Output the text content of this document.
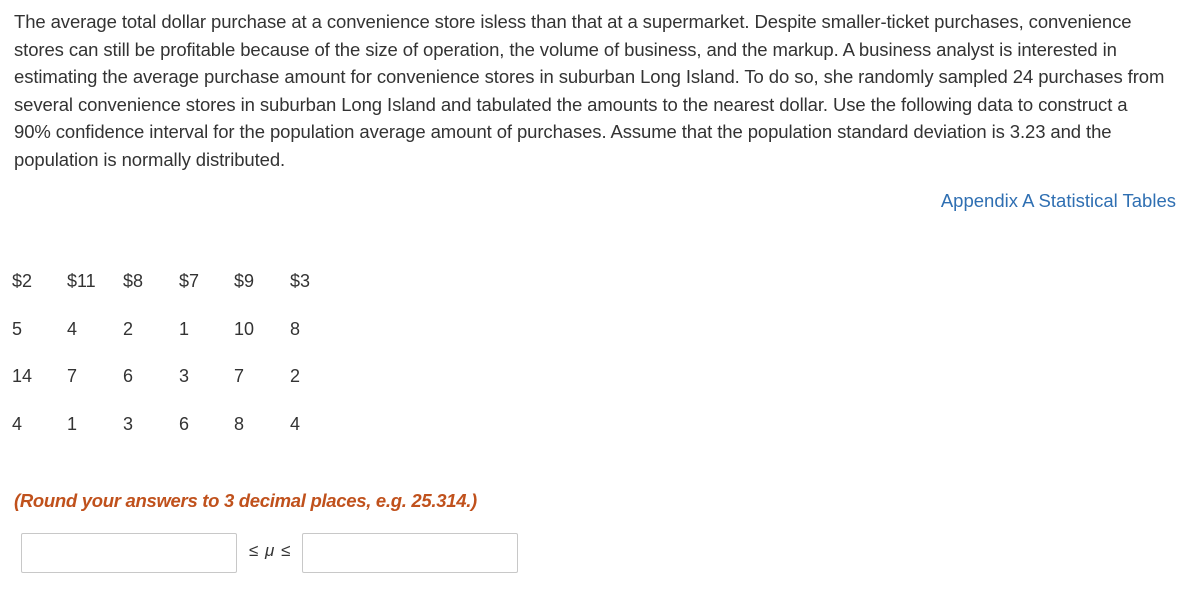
The average total dollar purchase at a convenience store isless than that at a supermarket. Despite smaller-ticket purchases, convenience stores can still be profitable because of the size of operation, the volume of business, and the markup. A business analyst is interested in estimating the average purchase amount for convenience stores in suburban Long Island. To do so, she randomly sampled 24 purchases from several convenience stores in suburban Long Island and tabulated the amounts to the nearest dollar. Use the following data to construct a 90% confidence interval for the population average amount of purchases. Assume that the population standard deviation is 3.23 and the population is normally distributed.

Appendix A Statistical Tables
$2	$11	$8	$7	$9	$3
5	4	2	1	10	8
14	7	6	3	7	2
4	1	3	6	8	4
(Round your answers to 3 decimal places, e.g. 25.314.)
≤ μ ≤
